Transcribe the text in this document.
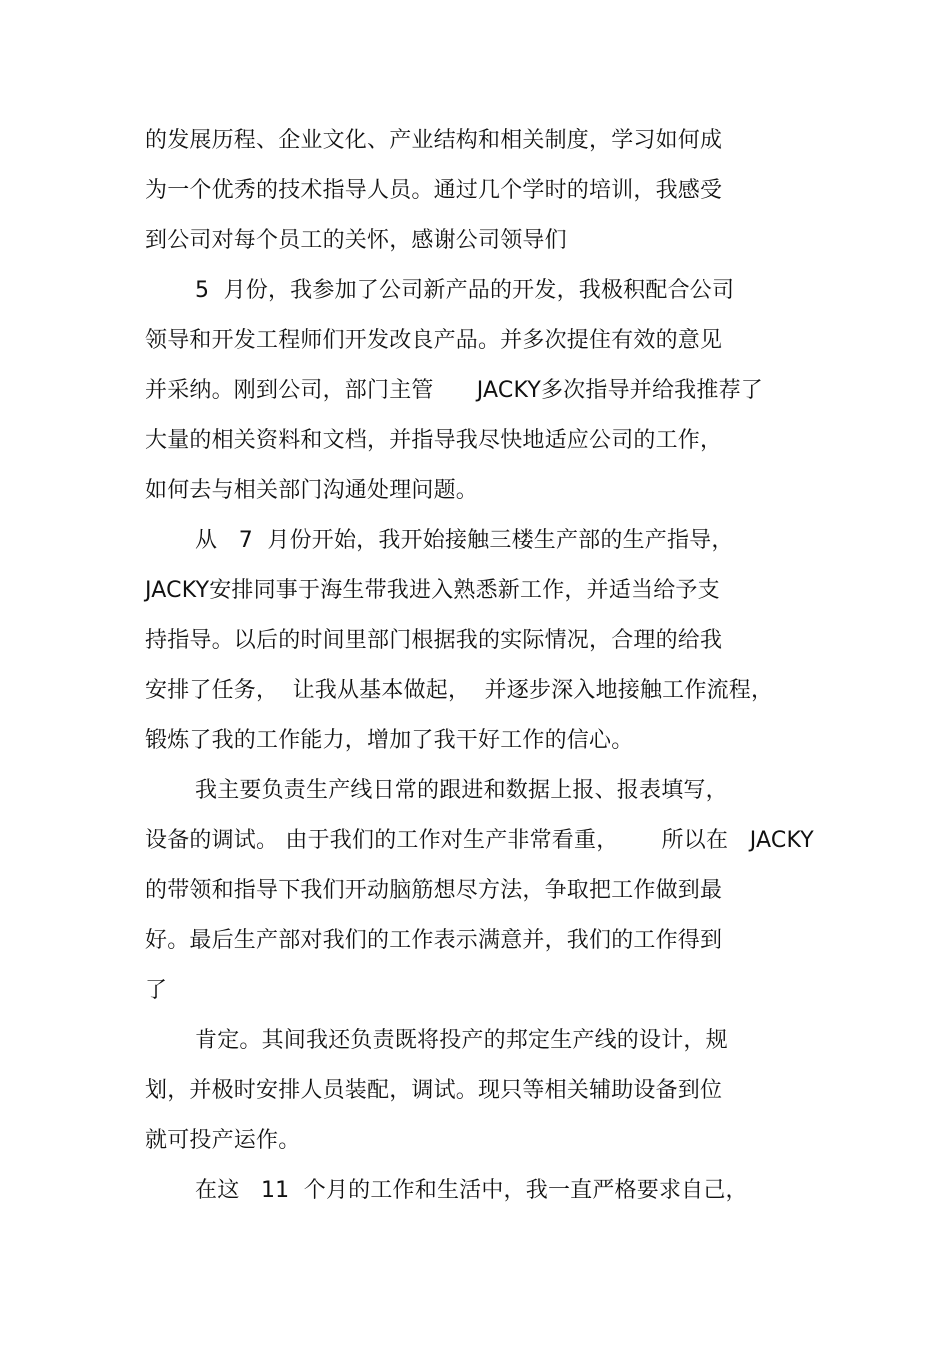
的发展历程、企业文化、产业结构和相关制度，学习如何成
为一个优秀的技术指导人员。通过几个学时的培训，我感受
到公司对每个员工的关怀，感谢公司领导们
5  月份，我参加了公司新产品的开发，我极积配合公司
领导和开发工程师们开发改良产品。并多次提住有效的意见
并采纳。刚到公司，部门主管      JACKY多次指导并给我推荐了
大量的相关资料和文档，并指导我尽快地适应公司的工作，
如何去与相关部门沟通处理问题。
从   7  月份开始，我开始接触三楼生产部的生产指导，
JACKY安排同事于海生带我进入熟悉新工作，并适当给予支
持指导。以后的时间里部门根据我的实际情况，合理的给我
安排了任务，  让我从基本做起，  并逐步深入地接触工作流程，
锻炼了我的工作能力，增加了我干好工作的信心。
我主要负责生产线日常的跟进和数据上报、报表填写，
设备的调试。 由于我们的工作对生产非常看重，      所以在   JACKY
的带领和指导下我们开动脑筋想尽方法，争取把工作做到最
好。最后生产部对我们的工作表示满意并，我们的工作得到
了
肯定。其间我还负责既将投产的邦定生产线的设计，规
划，并极时安排人员装配，调试。现只等相关辅助设备到位
就可投产运作。
在这   11  个月的工作和生活中，我一直严格要求自己，
